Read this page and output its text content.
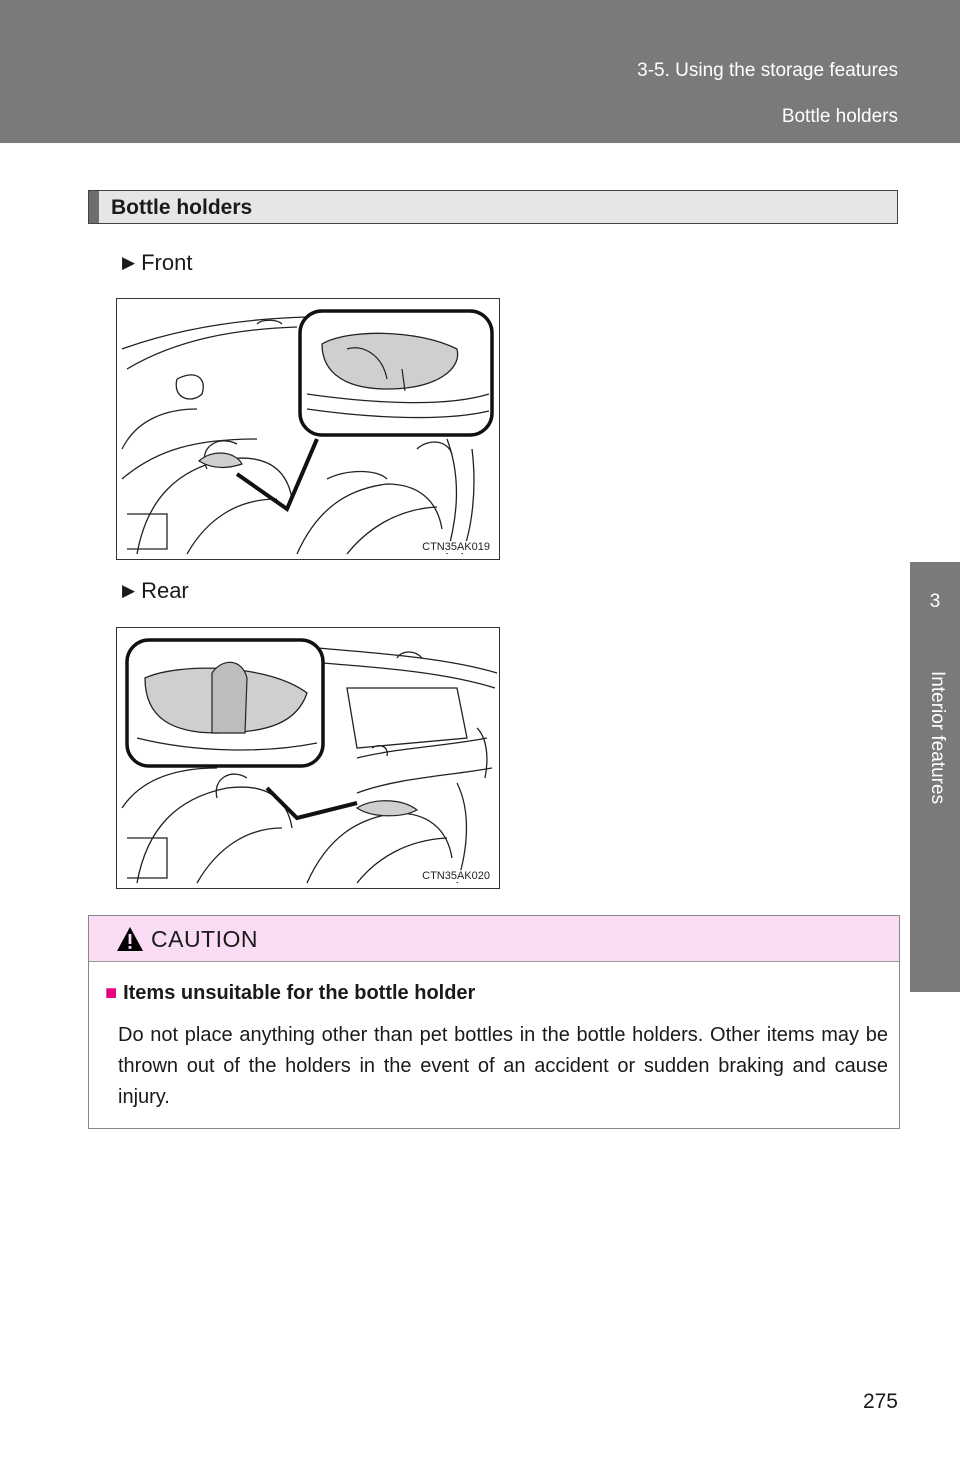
3-5. Using the storage features
Bottle holders
3
Interior features
Bottle holders
▶ Front
CTN35AK019
▶ Rear
CTN35AK020
CAUTION
■ Items unsuitable for the bottle holder
Do not place anything other than pet bottles in the bottle holders. Other items may be thrown out of the holders in the event of an accident or sudden braking and cause injury.
275
